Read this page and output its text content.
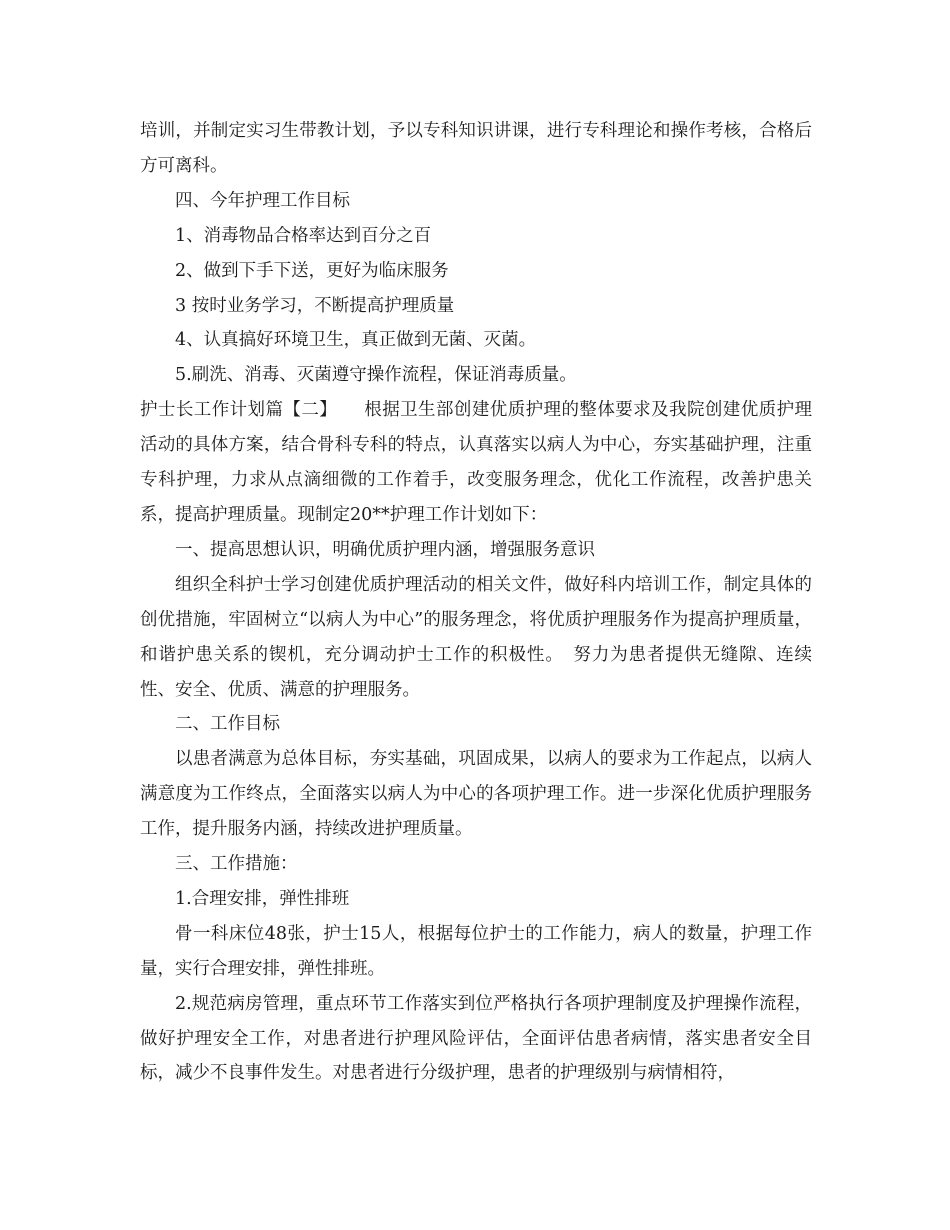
培训，并制定实习生带教计划，予以专科知识讲课，进行专科理论和操作考核，合格后方可离科。

四、今年护理工作目标

1、消毒物品合格率达到百分之百

2、做到下手下送，更好为临床服务

3 按时业务学习，不断提高护理质量

4、认真搞好环境卫生，真正做到无菌、灭菌。

5.刷洗、消毒、灭菌遵守操作流程，保证消毒质量。

护士长工作计划篇【二】　　根据卫生部创建优质护理的整体要求及我院创建优质护理活动的具体方案，结合骨科专科的特点，认真落实以病人为中心，夯实基础护理，注重专科护理，力求从点滴细微的工作着手，改变服务理念，优化工作流程，改善护患关系，提高护理质量。现制定20**护理工作计划如下：

一、提高思想认识，明确优质护理内涵，增强服务意识

组织全科护士学习创建优质护理活动的相关文件，做好科内培训工作，制定具体的创优措施，牢固树立“以病人为中心”的服务理念，将优质护理服务作为提高护理质量，和谐护患关系的锲机，充分调动护士工作的积极性。　努力为患者提供无缝隙、连续性、安全、优质、满意的护理服务。

二、工作目标

以患者满意为总体目标，夯实基础，巩固成果，以病人的要求为工作起点，以病人满意度为工作终点，全面落实以病人为中心的各项护理工作。进一步深化优质护理服务工作，提升服务内涵，持续改进护理质量。

三、工作措施：

1.合理安排，弹性排班

骨一科床位48张，护士15人，根据每位护士的工作能力，病人的数量，护理工作量，实行合理安排，弹性排班。

2.规范病房管理，重点环节工作落实到位严格执行各项护理制度及护理操作流程，做好护理安全工作，对患者进行护理风险评估，全面评估患者病情，落实患者安全目标，减少不良事件发生。对患者进行分级护理，患者的护理级别与病情相符，
